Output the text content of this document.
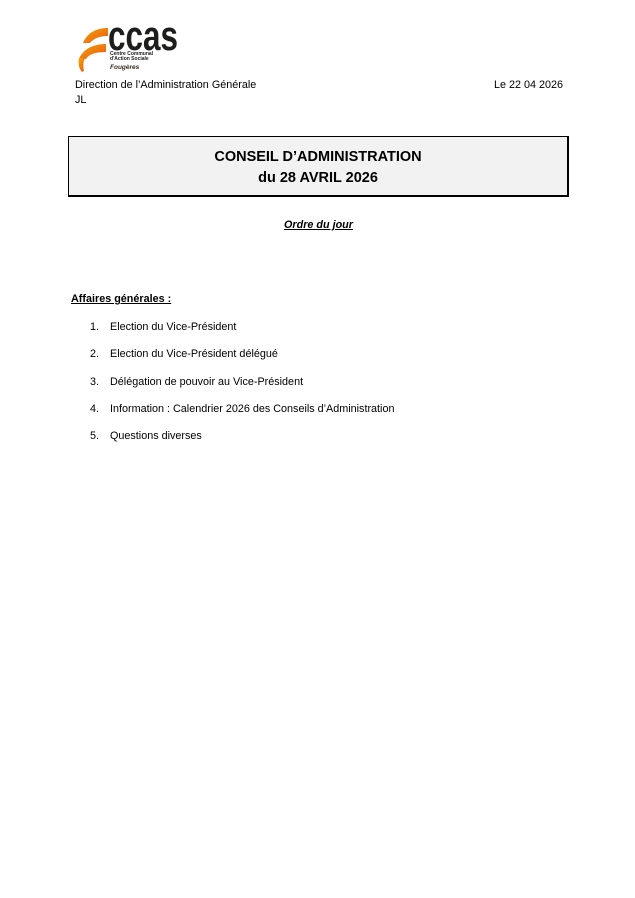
ccas
Centre Communal
d'Action Sociale
Fougères
Direction de l’Administration Générale
JL
Le 22 04 2026
CONSEIL D’ADMINISTRATION
du 28 AVRIL 2026
Ordre du jour
Affaires générales :
1. Election du Vice-Président
2. Election du Vice-Président délégué
3. Délégation de pouvoir au Vice-Président
4. Information : Calendrier 2026 des Conseils d’Administration
5. Questions diverses
